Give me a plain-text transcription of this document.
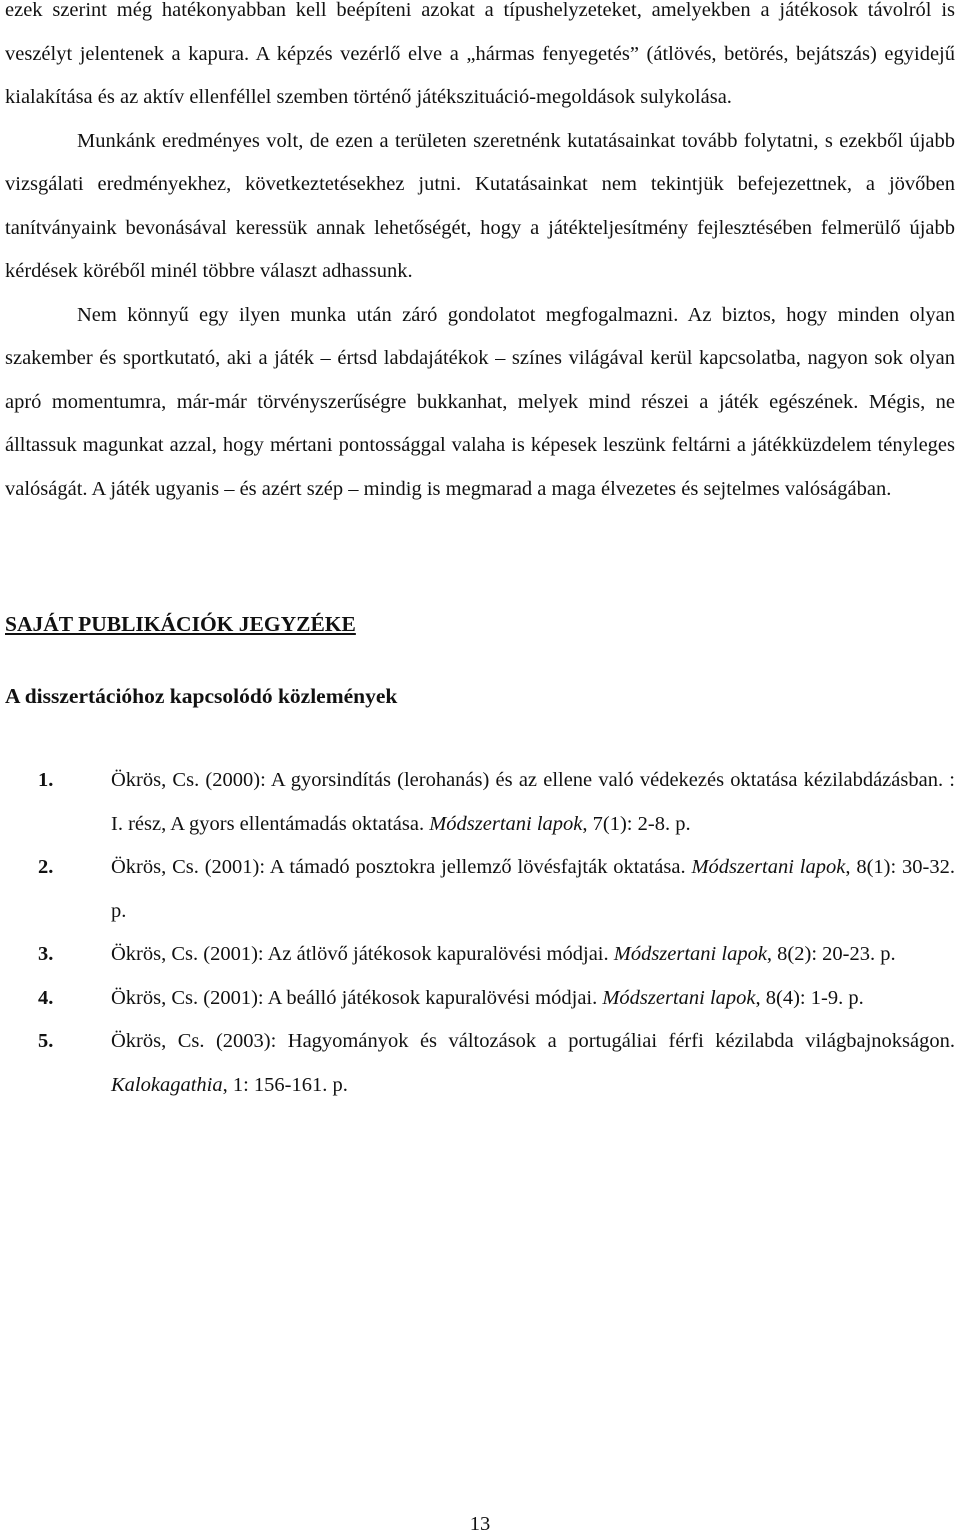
ezek szerint még hatékonyabban kell beépíteni azokat a típushelyzeteket, amelyekben a játékosok távolról is veszélyt jelentenek a kapura. A képzés vezérlő elve a „hármas fenyegetés” (átlövés, betörés, bejátszás) egyidejű kialakítása és az aktív ellenféllel szemben történő játékszituáció-megoldások sulykolása.

Munkánk eredményes volt, de ezen a területen szeretnénk kutatásainkat tovább folytatni, s ezekből újabb vizsgálati eredményekhez, következtetésekhez jutni. Kutatásainkat nem tekintjük befejezettnek, a jövőben tanítványaink bevonásával keressük annak lehetőségét, hogy a játékteljesítmény fejlesztésében felmerülő újabb kérdések köréből minél többre választ adhassunk.

Nem könnyű egy ilyen munka után záró gondolatot megfogalmazni. Az biztos, hogy minden olyan szakember és sportkutató, aki a játék – értsd labdajátékok – színes világával kerül kapcsolatba, nagyon sok olyan apró momentumra, már-már törvényszerűségre bukkanhat, melyek mind részei a játék egészének. Mégis, ne álltassuk magunkat azzal, hogy mértani pontossággal valaha is képesek leszünk feltárni a játékküzdelem tényleges valóságát. A játék ugyanis – és azért szép – mindig is megmarad a maga élvezetes és sejtelmes valóságában.

SAJÁT PUBLIKÁCIÓK JEGYZÉKE
A disszertációhoz kapcsolódó közlemények
1.	Ökrös, Cs. (2000): A gyorsindítás (lerohanás) és az ellene való védekezés oktatása kézilabdázásban. : I. rész, A gyors ellentámadás oktatása. Módszertani lapok, 7(1): 2-8. p.
2.	Ökrös, Cs. (2001): A támadó posztokra jellemző lövésfajták oktatása. Módszertani lapok, 8(1): 30-32. p.
3.	Ökrös, Cs. (2001): Az átlövő játékosok kapuralövési módjai. Módszertani lapok, 8(2): 20-23. p.
4.	Ökrös, Cs. (2001): A beálló játékosok kapuralövési módjai. Módszertani lapok, 8(4): 1-9. p.
5.	Ökrös, Cs. (2003): Hagyományok és változások a portugáliai férfi kézilabda világbajnokságon. Kalokagathia, 1: 156-161. p.
13
